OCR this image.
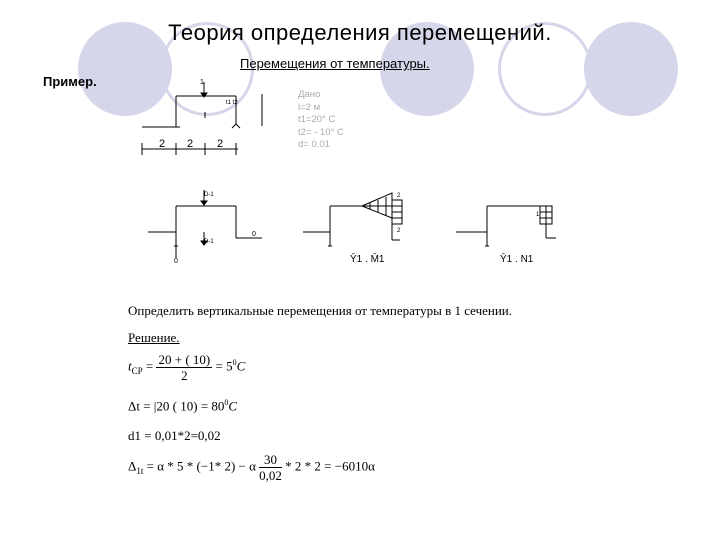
Теория определения перемещений.
Перемещения от температуры.
Пример.
Дано
l=2 м
t1=20° C
t2= - 10° C
d= 0.01
2 2 2
1
t1 t2
D-1
D-1
0
0
2
2
Ȳ1 . M̄1
1
Ȳ1 . N1
Определить вертикальные перемещения от температуры в 1 сечении.
Решение.
$t_{CP} = \frac{20 + ( 10)}{2} = 5^0C$
Δt = |20 ( $10) = 80^0C$
d1 = 0,01*2=0,02
$\Delta_{1t} = \alpha * 5 * (-1*$ 2) − α $\frac{30}{0,02} * 2 * 2 = -6010\alpha$
